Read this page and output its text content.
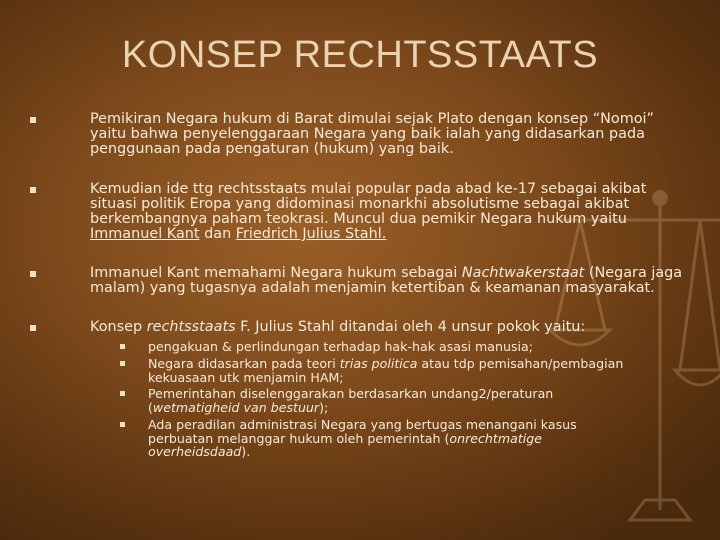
KONSEP RECHTSSTAATS
Pemikiran Negara hukum di Barat dimulai sejak Plato dengan konsep “Nomoi” yaitu bahwa penyelenggaraan Negara yang baik ialah yang didasarkan pada penggunaan pada pengaturan (hukum) yang baik.
Kemudian ide ttg rechtsstaats mulai popular pada abad ke-17 sebagai akibat situasi politik Eropa yang didominasi monarkhi absolutisme sebagai akibat berkembangnya paham teokrasi. Muncul dua pemikir Negara hukum yaitu Immanuel Kant dan Friedrich Julius Stahl.
Immanuel Kant memahami Negara hukum sebagai Nachtwakerstaat (Negara jaga malam) yang tugasnya adalah menjamin ketertiban & keamanan masyarakat.
Konsep rechtsstaats F. Julius Stahl ditandai oleh 4 unsur pokok yaitu:
pengakuan & perlindungan terhadap hak-hak asasi manusia;
Negara didasarkan pada teori trias politica atau tdp pemisahan/pembagian kekuasaan utk menjamin HAM;
Pemerintahan diselenggarakan berdasarkan undang2/peraturan (wetmatigheid van bestuur);
Ada peradilan administrasi Negara yang bertugas menangani kasus perbuatan melanggar hukum oleh pemerintah (onrechtmatige overheidsdaad).
